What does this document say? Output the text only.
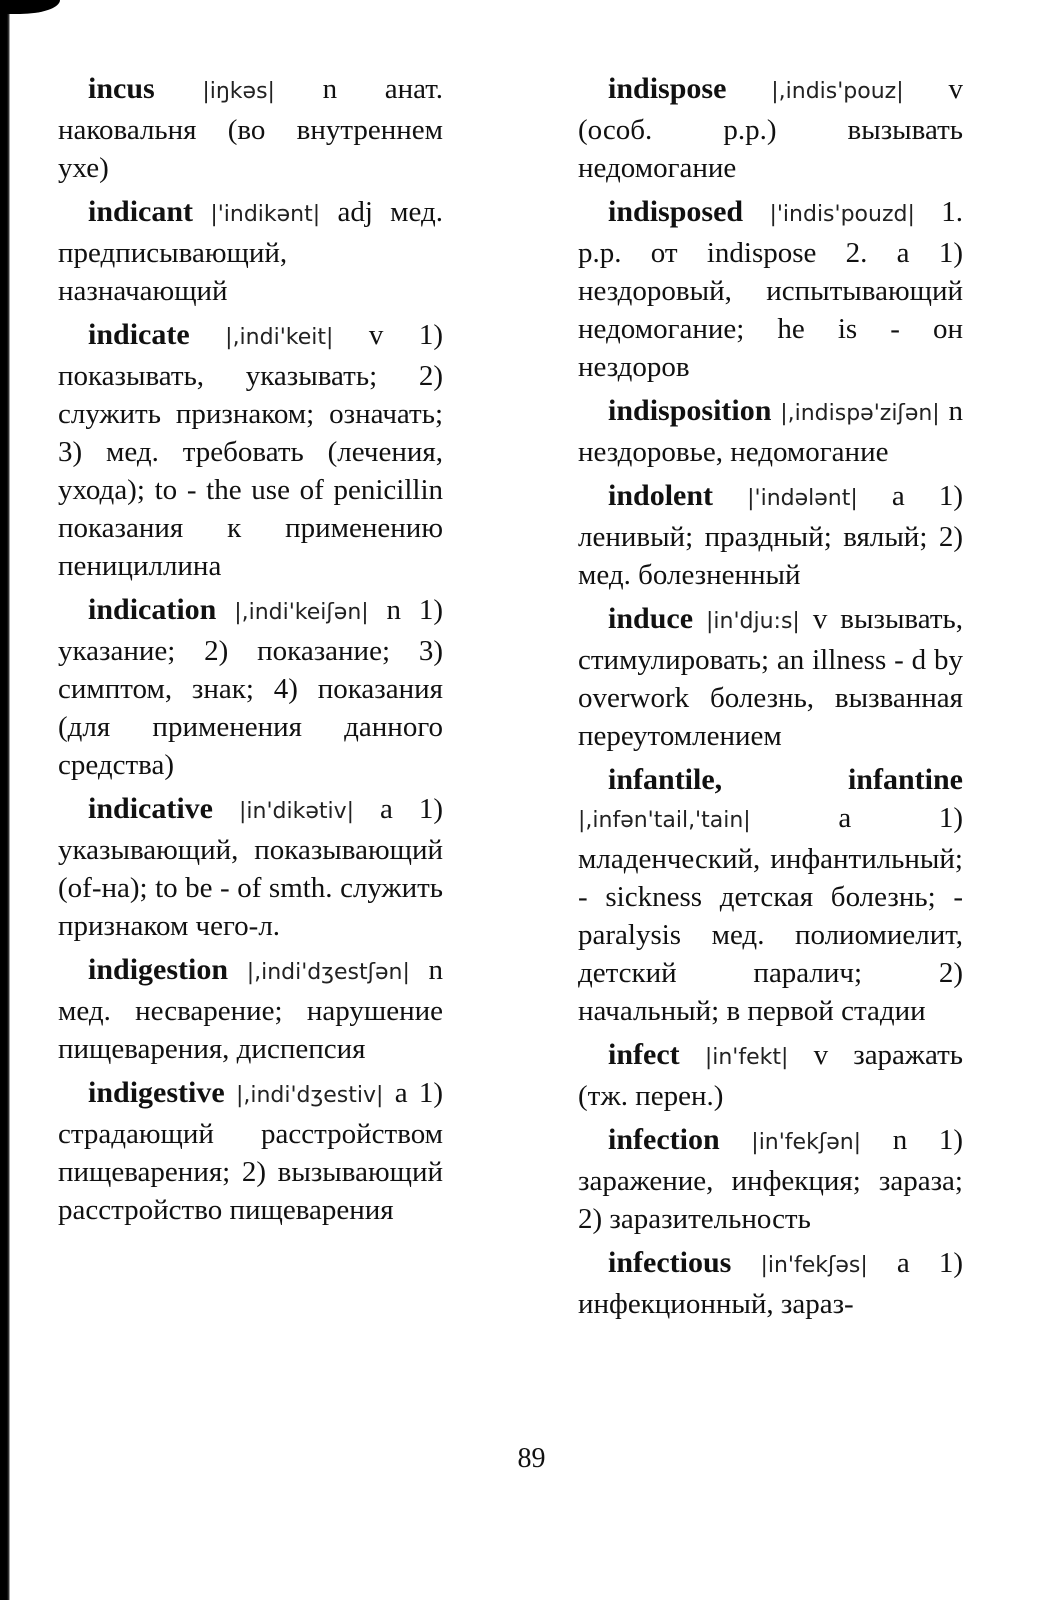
incus |iŋkəs| n анат. наковальня (во внутреннем ухе)

indicant |'indikənt| adj мед. предписывающий, назначающий

indicate |,indi'keit| v 1) показывать, указывать; 2) служить признаком; означать; 3) мед. требовать (лечения, ухода); to - the use of penicillin показания к применению пенициллина

indication |,indi'keiʃən| n 1) указание; 2) показание; 3) симптом, знак; 4) показания (для применения данного средства)

indicative |in'dikətiv| a 1) указывающий, показывающий (of-на); to be - of smth. служить признаком чего-л.

indigestion |,indi'dʒestʃən| n мед. несварение; нарушение пищеварения, диспепсия

indigestive |,indi'dʒestiv| a 1) страдающий расстройством пищеварения; 2) вызывающий расстройство пищеварения

indispose |,indis'pouz| v (особ. p.p.) вызывать недомогание

indisposed |'indis'pouzd| 1. p.p. от indispose 2. a 1) нездоровый, испытывающий недомогание; he is - он нездоров

indisposition |,indispə'ziʃən| n нездоровье, недомогание

indolent |'indələnt| a 1) ленивый; праздный; вялый; 2) мед. болезненный

induce |in'dju:s| v вызывать, стимулировать; an illness - d by overwork болезнь, вызванная переутомлением

infantile, infantine |,infən'tail,'tain|	a 1) младенческий, инфантильный; - sickness детская болезнь; - paralysis мед. полиомиелит, детский паралич; 2) начальный; в первой стадии

infect |in'fekt| v заражать (тж. перен.)

infection |in'fekʃən| n 1) заражение, инфекция; зараза; 2) заразительность

infectious |in'fekʃəs| a 1) инфекционный, зараз-

89
